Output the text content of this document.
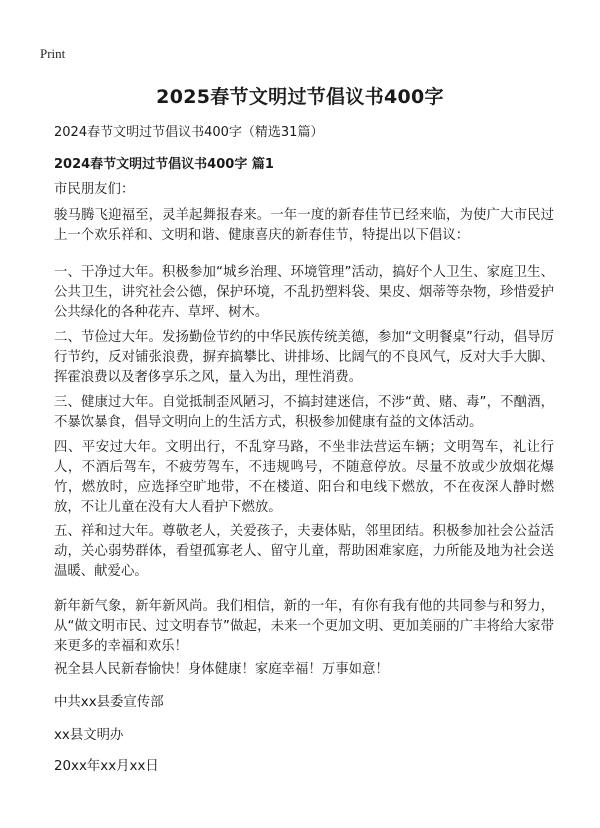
Print
2025春节文明过节倡议书400字

2024春节文明过节倡议书400字（精选31篇）

2024春节文明过节倡议书400字 篇1

市民朋友们：

骏马腾飞迎福至，灵羊起舞报春来。一年一度的新春佳节已经来临，为使广大市民过上一个欢乐祥和、文明和谐、健康喜庆的新春佳节，特提出以下倡议：

一、干净过大年。积极参加“城乡治理、环境管理”活动，搞好个人卫生、家庭卫生、公共卫生，讲究社会公德，保护环境，不乱扔塑料袋、果皮、烟蒂等杂物，珍惜爱护公共绿化的各种花卉、草坪、树木。

二、节俭过大年。发扬勤俭节约的中华民族传统美德，参加“文明餐桌”行动，倡导厉行节约，反对铺张浪费，摒弃搞攀比、讲排场、比阔气的不良风气，反对大手大脚、挥霍浪费以及奢侈享乐之风，量入为出，理性消费。

三、健康过大年。自觉抵制歪风陋习，不搞封建迷信，不涉“黄、赌、毒”，不酗酒，不暴饮暴食，倡导文明向上的生活方式，积极参加健康有益的文体活动。

四、平安过大年。文明出行，不乱穿马路，不坐非法营运车辆；文明驾车，礼让行人，不酒后驾车，不疲劳驾车，不违规鸣号，不随意停放。尽量不放或少放烟花爆竹，燃放时，应选择空旷地带，不在楼道、阳台和电线下燃放，不在夜深人静时燃放，不让儿童在没有大人看护下燃放。

五、祥和过大年。尊敬老人，关爱孩子，夫妻体贴，邻里团结。积极参加社会公益活动，关心弱势群体，看望孤寡老人、留守儿童，帮助困难家庭，力所能及地为社会送温暖、献爱心。

新年新气象，新年新风尚。我们相信，新的一年，有你有我有他的共同参与和努力，从“做文明市民、过文明春节”做起，未来一个更加文明、更加美丽的广丰将给大家带来更多的幸福和欢乐！

祝全县人民新春愉快！身体健康！家庭幸福！万事如意！

中共xx县委宣传部

xx县文明办

20xx年xx月xx日
